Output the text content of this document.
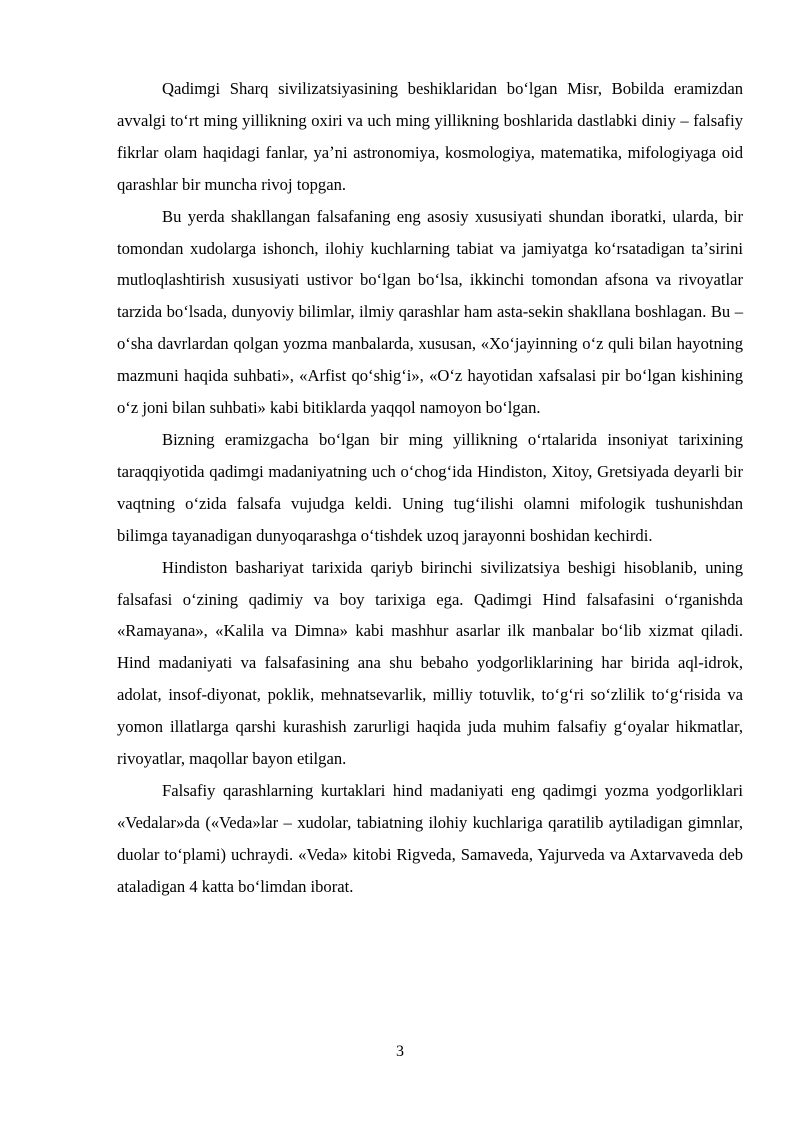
Qadimgi Sharq sivilizatsiyasining beshiklaridan boʻlgan Misr, Bobilda eramizdan avvalgi toʻrt ming yillikning oxiri va uch ming yillikning boshlarida dastlabki diniy – falsafiy fikrlar olam haqidagi fanlar, yaʼni astronomiya, kosmologiya, matematika, mifologiyaga oid qarashlar bir muncha rivoj topgan.

Bu yerda shakllangan falsafaning eng asosiy xususiyati shundan iboratki, ularda, bir tomondan xudolarga ishonch, ilohiy kuchlarning tabiat va jamiyatga koʻrsatadigan taʼsirini mutloqlashtirish xususiyati ustivor boʻlgan boʻlsa, ikkinchi tomondan afsona va rivoyatlar tarzida boʻlsada, dunyoviy bilimlar, ilmiy qarashlar ham asta-sekin shakllana boshlagan. Bu – oʻsha davrlardan qolgan yozma manbalarda, xususan, «Xoʻjayinning oʻz quli bilan hayotning mazmuni haqida suhbati», «Arfist qoʻshigʻi», «Oʻz hayotidan xafsalasi pir boʻlgan kishining oʻz joni bilan suhbati» kabi bitiklarda yaqqol namoyon boʻlgan.

Bizning eramizgacha boʻlgan bir ming yillikning oʻrtalarida insoniyat tarixining taraqqiyotida qadimgi madaniyatning uch oʻchogʻida Hindiston, Xitoy, Gretsiyada deyarli bir vaqtning oʻzida falsafa vujudga keldi. Uning tugʻilishi olamni mifologik tushunishdan bilimga tayanadigan dunyoqarashga oʻtishdek uzoq jarayonni boshidan kechirdi.

Hindiston bashariyat tarixida qariyb birinchi sivilizatsiya beshigi hisoblanib, uning falsafasi oʻzining qadimiy va boy tarixiga ega. Qadimgi Hind falsafasini oʻrganishda «Ramayana», «Kalila va Dimna» kabi mashhur asarlar ilk manbalar boʻlib xizmat qiladi. Hind madaniyati va falsafasining ana shu bebaho yodgorliklarining har birida aql-idrok, adolat, insof-diyonat, poklik, mehnatsevarlik, milliy totuvlik, toʻgʻri soʻzlilik toʻgʻrisida va yomon illatlarga qarshi kurashish zarurligi haqida juda muhim falsafiy gʻoyalar hikmatlar, rivoyatlar, maqollar bayon etilgan.

Falsafiy qarashlarning kurtaklari hind madaniyati eng qadimgi yozma yodgorliklari «Vedalar»da («Veda»lar – xudolar, tabiatning ilohiy kuchlariga qaratilib aytiladigan gimnlar, duolar toʻplami) uchraydi. «Veda» kitobi Rigveda, Samaveda, Yajurveda va Axtarvaveda deb ataladigan 4 katta boʻlimdan iborat.

3
